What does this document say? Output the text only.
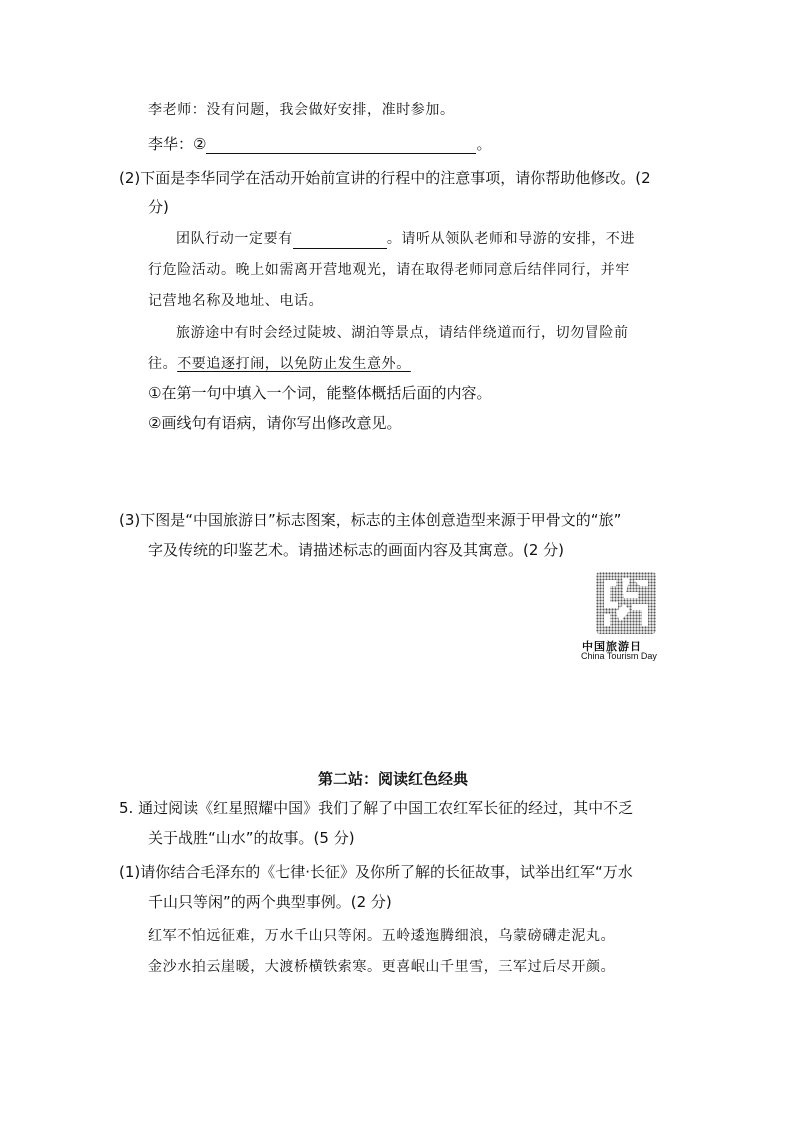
李老师：没有问题，我会做好安排，准时参加。
李华：②	。
(2)下面是李华同学在活动开始前宣讲的行程中的注意事项，请你帮助他修改。(2
分)
团队行动一定要有	。请听从领队老师和导游的安排，不进
行危险活动。晚上如需离开营地观光，请在取得老师同意后结伴同行，并牢
记营地名称及地址、电话。
旅游途中有时会经过陡坡、湖泊等景点，请结伴绕道而行，切勿冒险前
往。不要追逐打闹，以免防止发生意外。
①在第一句中填入一个词，能整体概括后面的内容。
②画线句有语病，请你写出修改意见。
(3)下图是“中国旅游日”标志图案，标志的主体创意造型来源于甲骨文的“旅”
字及传统的印鉴艺术。请描述标志的画面内容及其寓意。(2 分)
中国旅游日
China Tourism Day
第二站：阅读红色经典
5. 通过阅读《红星照耀中国》我们了解了中国工农红军长征的经过，其中不乏
关于战胜“山水”的故事。(5 分)
(1)请你结合毛泽东的《七律·长征》及你所了解的长征故事，试举出红军“万水
千山只等闲”的两个典型事例。(2 分)
红军不怕远征难，万水千山只等闲。五岭逶迤腾细浪，乌蒙磅礴走泥丸。
金沙水拍云崖暖，大渡桥横铁索寒。更喜岷山千里雪，三军过后尽开颜。
